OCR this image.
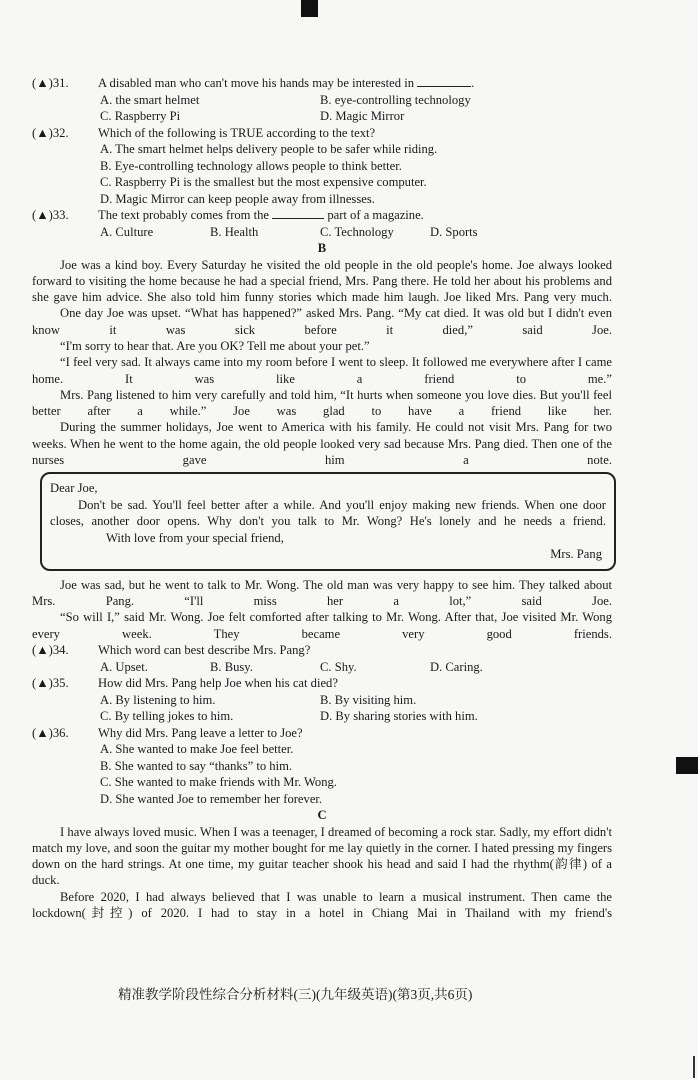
(▲)31. A disabled man who can't move his hands may be interested in	.
A. the smart helmet	B. eye-controlling technology
C. Raspberry Pi	D. Magic Mirror
(▲)32. Which of the following is TRUE according to the text?
A. The smart helmet helps delivery people to be safer while riding.
B. Eye-controlling technology allows people to think better.
C. Raspberry Pi is the smallest but the most expensive computer.
D. Magic Mirror can keep people away from illnesses.
(▲)33. The text probably comes from the	part of a magazine.
A. Culture	B. Health	C. Technology	D. Sports
B
Joe was a kind boy. Every Saturday he visited the old people in the old people's home. Joe always looked forward to visiting the home because he had a special friend, Mrs. Pang there. He told her about his problems and she gave him advice. She also told him funny stories which made him laugh. Joe liked Mrs. Pang very much.
One day Joe was upset. “What has happened?” asked Mrs. Pang. “My cat died. It was old but I didn't even know it was sick before it died,” said Joe.
“I'm sorry to hear that. Are you OK? Tell me about your pet.”
“I feel very sad. It always came into my room before I went to sleep. It followed me everywhere after I came home. It was like a friend to me.”
Mrs. Pang listened to him very carefully and told him, “It hurts when someone you love dies. But you'll feel better after a while.” Joe was glad to have a friend like her.
During the summer holidays, Joe went to America with his family. He could not visit Mrs. Pang for two weeks. When he went to the home again, the old people looked very sad because Mrs. Pang died. Then one of the nurses gave him a note.
Dear Joe,
Don't be sad. You'll feel better after a while. And you'll enjoy making new friends. When one door closes, another door opens. Why don't you talk to Mr. Wong? He's lonely and he needs a friend.
With love from your special friend,
Mrs. Pang
Joe was sad, but he went to talk to Mr. Wong. The old man was very happy to see him. They talked about Mrs. Pang. “I'll miss her a lot,” said Joe.
“So will I,” said Mr. Wong. Joe felt comforted after talking to Mr. Wong. After that, Joe visited Mr. Wong every week. They became very good friends.
(▲)34. Which word can best describe Mrs. Pang?
A. Upset.	B. Busy.	C. Shy.	D. Caring.
(▲)35. How did Mrs. Pang help Joe when his cat died?
A. By listening to him.	B. By visiting him.
C. By telling jokes to him.	D. By sharing stories with him.
(▲)36. Why did Mrs. Pang leave a letter to Joe?
A. She wanted to make Joe feel better.
B. She wanted to say “thanks” to him.
C. She wanted to make friends with Mr. Wong.
D. She wanted Joe to remember her forever.
C
I have always loved music. When I was a teenager, I dreamed of becoming a rock star. Sadly, my effort didn't match my love, and soon the guitar my mother bought for me lay quietly in the corner. I hated pressing my fingers down on the hard strings. At one time, my guitar teacher shook his head and said I had the rhythm(韵律) of a duck.
Before 2020, I had always believed that I was unable to learn a musical instrument. Then came the lockdown(封控) of 2020. I had to stay in a hotel in Chiang Mai in Thailand with my friend's
精准教学阶段性综合分析材料(三)(九年级英语)(第3页,共6页)
